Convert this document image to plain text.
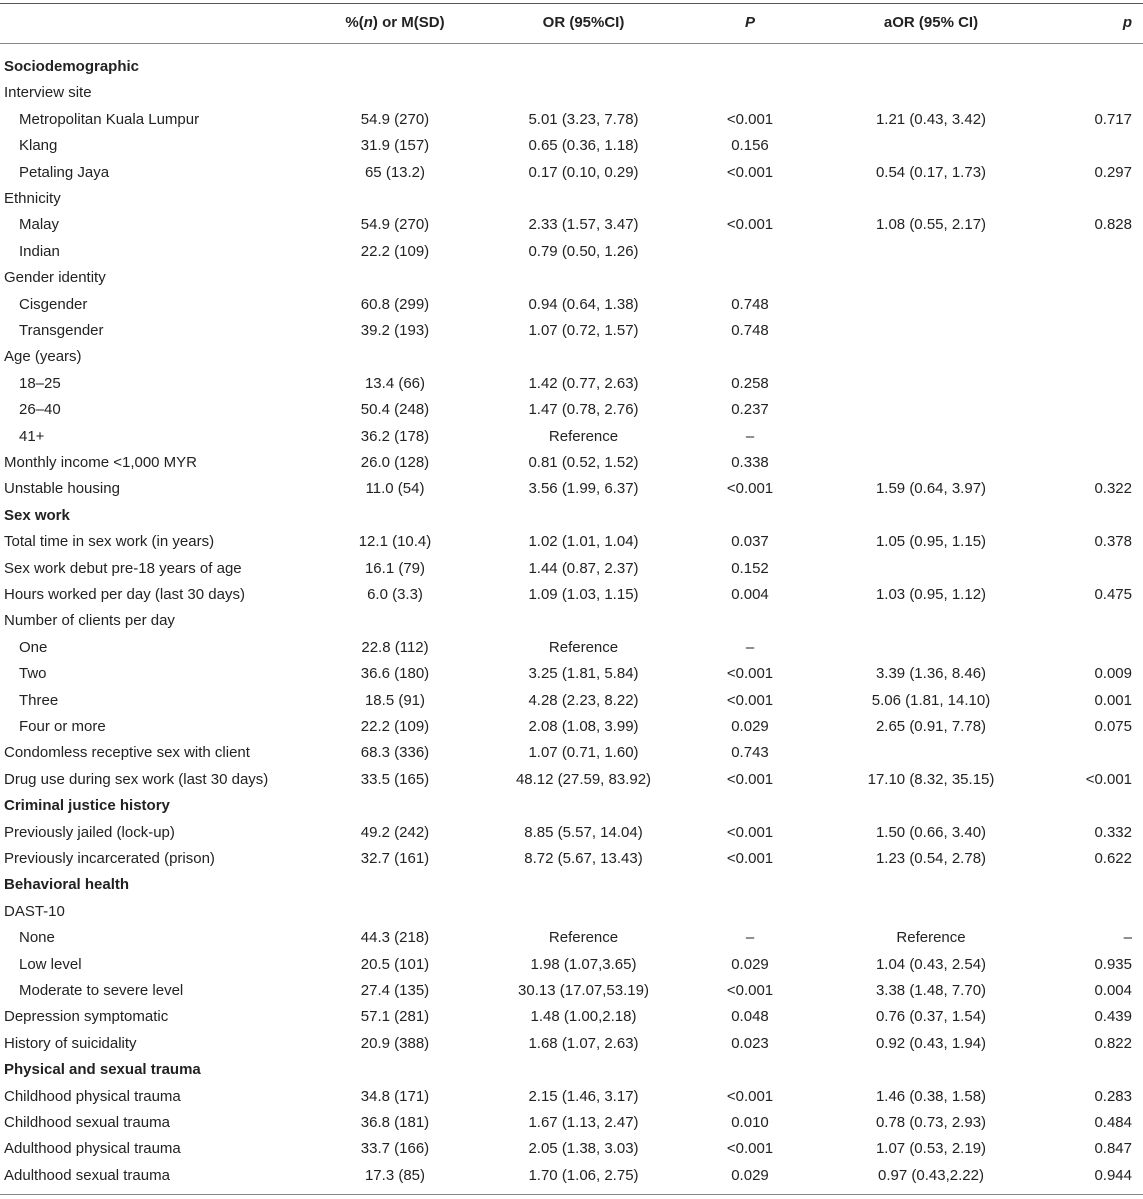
%(n) or M(SD)	OR (95%CI)	P	aOR (95% CI)	p
Sociodemographic
Interview site
Metropolitan Kuala Lumpur	54.9 (270)	5.01 (3.23, 7.78)	<0.001	1.21 (0.43, 3.42)	0.717
Klang	31.9 (157)	0.65 (0.36, 1.18)	0.156
Petaling Jaya	65 (13.2)	0.17 (0.10, 0.29)	<0.001	0.54 (0.17, 1.73)	0.297
Ethnicity
Malay	54.9 (270)	2.33 (1.57, 3.47)	<0.001	1.08 (0.55, 2.17)	0.828
Indian	22.2 (109)	0.79 (0.50, 1.26)
Gender identity
Cisgender	60.8 (299)	0.94 (0.64, 1.38)	0.748
Transgender	39.2 (193)	1.07 (0.72, 1.57)	0.748
Age (years)
18–25	13.4 (66)	1.42 (0.77, 2.63)	0.258
26–40	50.4 (248)	1.47 (0.78, 2.76)	0.237
41+	36.2 (178)	Reference	–
Monthly income <1,000 MYR	26.0 (128)	0.81 (0.52, 1.52)	0.338
Unstable housing	11.0 (54)	3.56 (1.99, 6.37)	<0.001	1.59 (0.64, 3.97)	0.322
Sex work
Total time in sex work (in years)	12.1 (10.4)	1.02 (1.01, 1.04)	0.037	1.05 (0.95, 1.15)	0.378
Sex work debut pre-18 years of age	16.1 (79)	1.44 (0.87, 2.37)	0.152
Hours worked per day (last 30 days)	6.0 (3.3)	1.09 (1.03, 1.15)	0.004	1.03 (0.95, 1.12)	0.475
Number of clients per day
One	22.8 (112)	Reference	–
Two	36.6 (180)	3.25 (1.81, 5.84)	<0.001	3.39 (1.36, 8.46)	0.009
Three	18.5 (91)	4.28 (2.23, 8.22)	<0.001	5.06 (1.81, 14.10)	0.001
Four or more	22.2 (109)	2.08 (1.08, 3.99)	0.029	2.65 (0.91, 7.78)	0.075
Condomless receptive sex with client	68.3 (336)	1.07 (0.71, 1.60)	0.743
Drug use during sex work (last 30 days)	33.5 (165)	48.12 (27.59, 83.92)	<0.001	17.10 (8.32, 35.15)	<0.001
Criminal justice history
Previously jailed (lock-up)	49.2 (242)	8.85 (5.57, 14.04)	<0.001	1.50 (0.66, 3.40)	0.332
Previously incarcerated (prison)	32.7 (161)	8.72 (5.67, 13.43)	<0.001	1.23 (0.54, 2.78)	0.622
Behavioral health
DAST-10
None	44.3 (218)	Reference	–	Reference	–
Low level	20.5 (101)	1.98 (1.07,3.65)	0.029	1.04 (0.43, 2.54)	0.935
Moderate to severe level	27.4 (135)	30.13 (17.07,53.19)	<0.001	3.38 (1.48, 7.70)	0.004
Depression symptomatic	57.1 (281)	1.48 (1.00,2.18)	0.048	0.76 (0.37, 1.54)	0.439
History of suicidality	20.9 (388)	1.68 (1.07, 2.63)	0.023	0.92 (0.43, 1.94)	0.822
Physical and sexual trauma
Childhood physical trauma	34.8 (171)	2.15 (1.46, 3.17)	<0.001	1.46 (0.38, 1.58)	0.283
Childhood sexual trauma	36.8 (181)	1.67 (1.13, 2.47)	0.010	0.78 (0.73, 2.93)	0.484
Adulthood physical trauma	33.7 (166)	2.05 (1.38, 3.03)	<0.001	1.07 (0.53, 2.19)	0.847
Adulthood sexual trauma	17.3 (85)	1.70 (1.06, 2.75)	0.029	0.97 (0.43,2.22)	0.944
